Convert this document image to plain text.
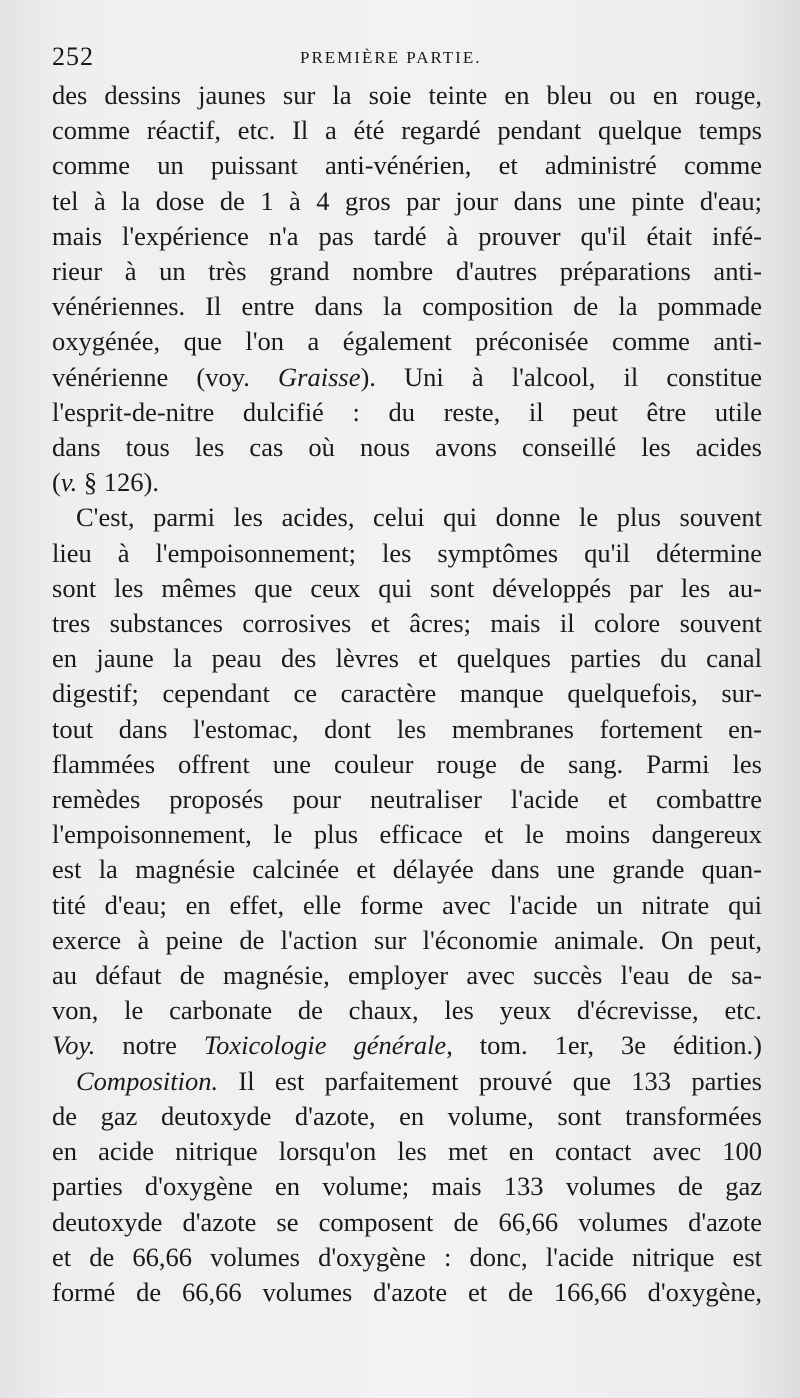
252	PREMIÈRE PARTIE.
des dessins jaunes sur la soie teinte en bleu ou en rouge,
comme réactif, etc. Il a été regardé pendant quelque temps
comme un puissant anti-vénérien, et administré comme
tel à la dose de 1 à 4 gros par jour dans une pinte d'eau;
mais l'expérience n'a pas tardé à prouver qu'il était infé-
rieur à un très grand nombre d'autres préparations anti-
vénériennes. Il entre dans la composition de la pommade
oxygénée, que l'on a également préconisée comme anti-
vénérienne (voy. Graisse). Uni à l'alcool, il constitue
l'esprit-de-nitre dulcifié : du reste, il peut être utile
dans tous les cas où nous avons conseillé les acides
(v. § 126).
C'est, parmi les acides, celui qui donne le plus souvent
lieu à l'empoisonnement; les symptômes qu'il détermine
sont les mêmes que ceux qui sont développés par les au-
tres substances corrosives et âcres; mais il colore souvent
en jaune la peau des lèvres et quelques parties du canal
digestif; cependant ce caractère manque quelquefois, sur-
tout dans l'estomac, dont les membranes fortement en-
flammées offrent une couleur rouge de sang. Parmi les
remèdes proposés pour neutraliser l'acide et combattre
l'empoisonnement, le plus efficace et le moins dangereux
est la magnésie calcinée et délayée dans une grande quan-
tité d'eau; en effet, elle forme avec l'acide un nitrate qui
exerce à peine de l'action sur l'économie animale. On peut,
au défaut de magnésie, employer avec succès l'eau de sa-
von, le carbonate de chaux, les yeux d'écrevisse, etc.
Voy. notre Toxicologie générale, tom. 1er, 3e édition.)
Composition. Il est parfaitement prouvé que 133 parties
de gaz deutoxyde d'azote, en volume, sont transformées
en acide nitrique lorsqu'on les met en contact avec 100
parties d'oxygène en volume; mais 133 volumes de gaz
deutoxyde d'azote se composent de 66,66 volumes d'azote
et de 66,66 volumes d'oxygène : donc, l'acide nitrique est
formé de 66,66 volumes d'azote et de 166,66 d'oxygène,
